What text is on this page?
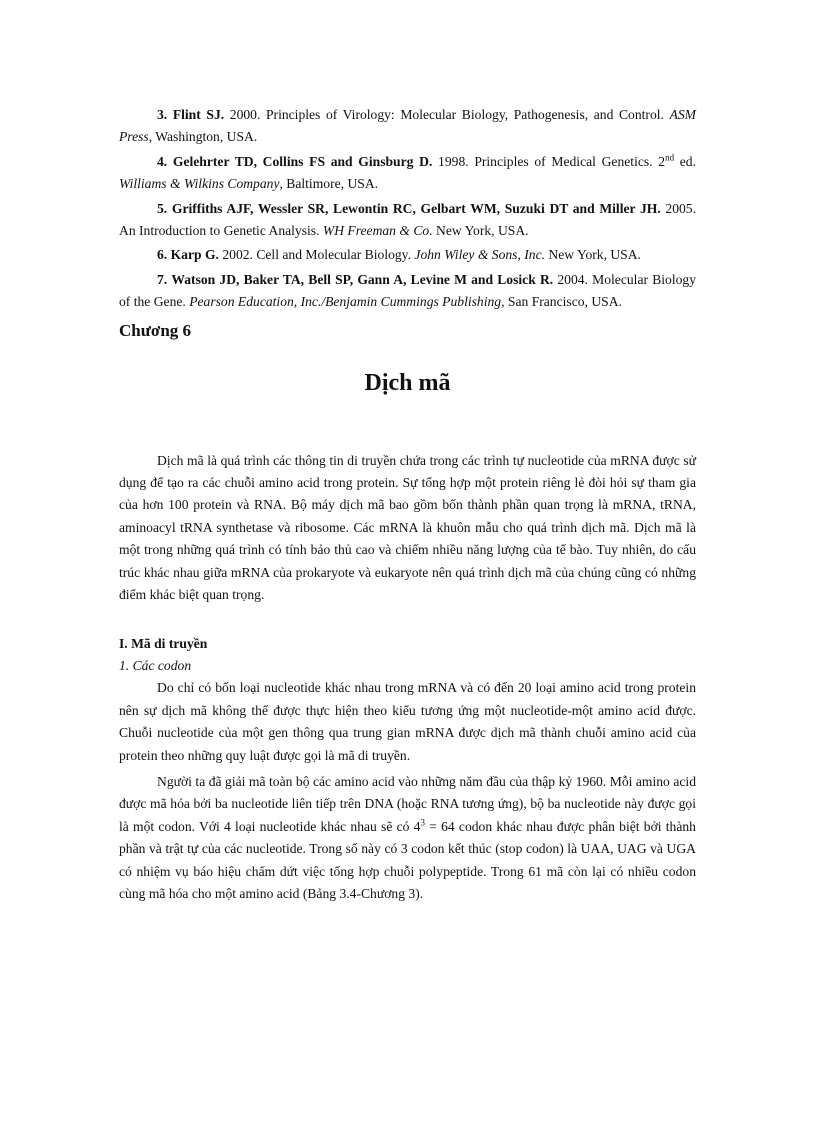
3. Flint SJ. 2000. Principles of Virology: Molecular Biology, Pathogenesis, and Control. ASM Press, Washington, USA.

4. Gelehrter TD, Collins FS and Ginsburg D. 1998. Principles of Medical Genetics. 2nd ed. Williams & Wilkins Company, Baltimore, USA.

5. Griffiths AJF, Wessler SR, Lewontin RC, Gelbart WM, Suzuki DT and Miller JH. 2005. An Introduction to Genetic Analysis. WH Freeman & Co. New York, USA.

6. Karp G. 2002. Cell and Molecular Biology. John Wiley & Sons, Inc. New York, USA.

7. Watson JD, Baker TA, Bell SP, Gann A, Levine M and Losick R. 2004. Molecular Biology of the Gene. Pearson Education, Inc./Benjamin Cummings Publishing, San Francisco, USA.

Chương 6
Dịch mã

Dịch mã là quá trình các thông tin di truyền chứa trong các trình tự nucleotide của mRNA được sử dụng để tạo ra các chuỗi amino acid trong protein. Sự tổng hợp một protein riêng lẻ đòi hỏi sự tham gia của hơn 100 protein và RNA. Bộ máy dịch mã bao gồm bốn thành phần quan trọng là mRNA, tRNA, aminoacyl tRNA synthetase và ribosome. Các mRNA là khuôn mẫu cho quá trình dịch mã. Dịch mã là một trong những quá trình có tính bảo thủ cao và chiếm nhiều năng lượng của tế bào. Tuy nhiên, do cấu trúc khác nhau giữa mRNA của prokaryote và eukaryote nên quá trình dịch mã của chúng cũng có những điểm khác biệt quan trọng.

I. Mã di truyền
1. Các codon

Do chỉ có bốn loại nucleotide khác nhau trong mRNA và có đến 20 loại amino acid trong protein nên sự dịch mã không thể được thực hiện theo kiểu tương ứng một nucleotide-một amino acid được. Chuỗi nucleotide của một gen thông qua trung gian mRNA được dịch mã thành chuỗi amino acid của protein theo những quy luật được gọi là mã di truyền.

Người ta đã giải mã toàn bộ các amino acid vào những năm đầu của thập kỷ 1960. Mỗi amino acid được mã hóa bởi ba nucleotide liên tiếp trên DNA (hoặc RNA tương ứng), bộ ba nucleotide này được gọi là một codon. Với 4 loại nucleotide khác nhau sẽ có $4^3 = 64$ codon khác nhau được phân biệt bởi thành phần và trật tự của các nucleotide. Trong số này có 3 codon kết thúc (stop codon) là UAA, UAG và UGA có nhiệm vụ báo hiệu chấm dứt việc tổng hợp chuỗi polypeptide. Trong 61 mã còn lại có nhiều codon cùng mã hóa cho một amino acid (Bảng 3.4-Chương 3).
